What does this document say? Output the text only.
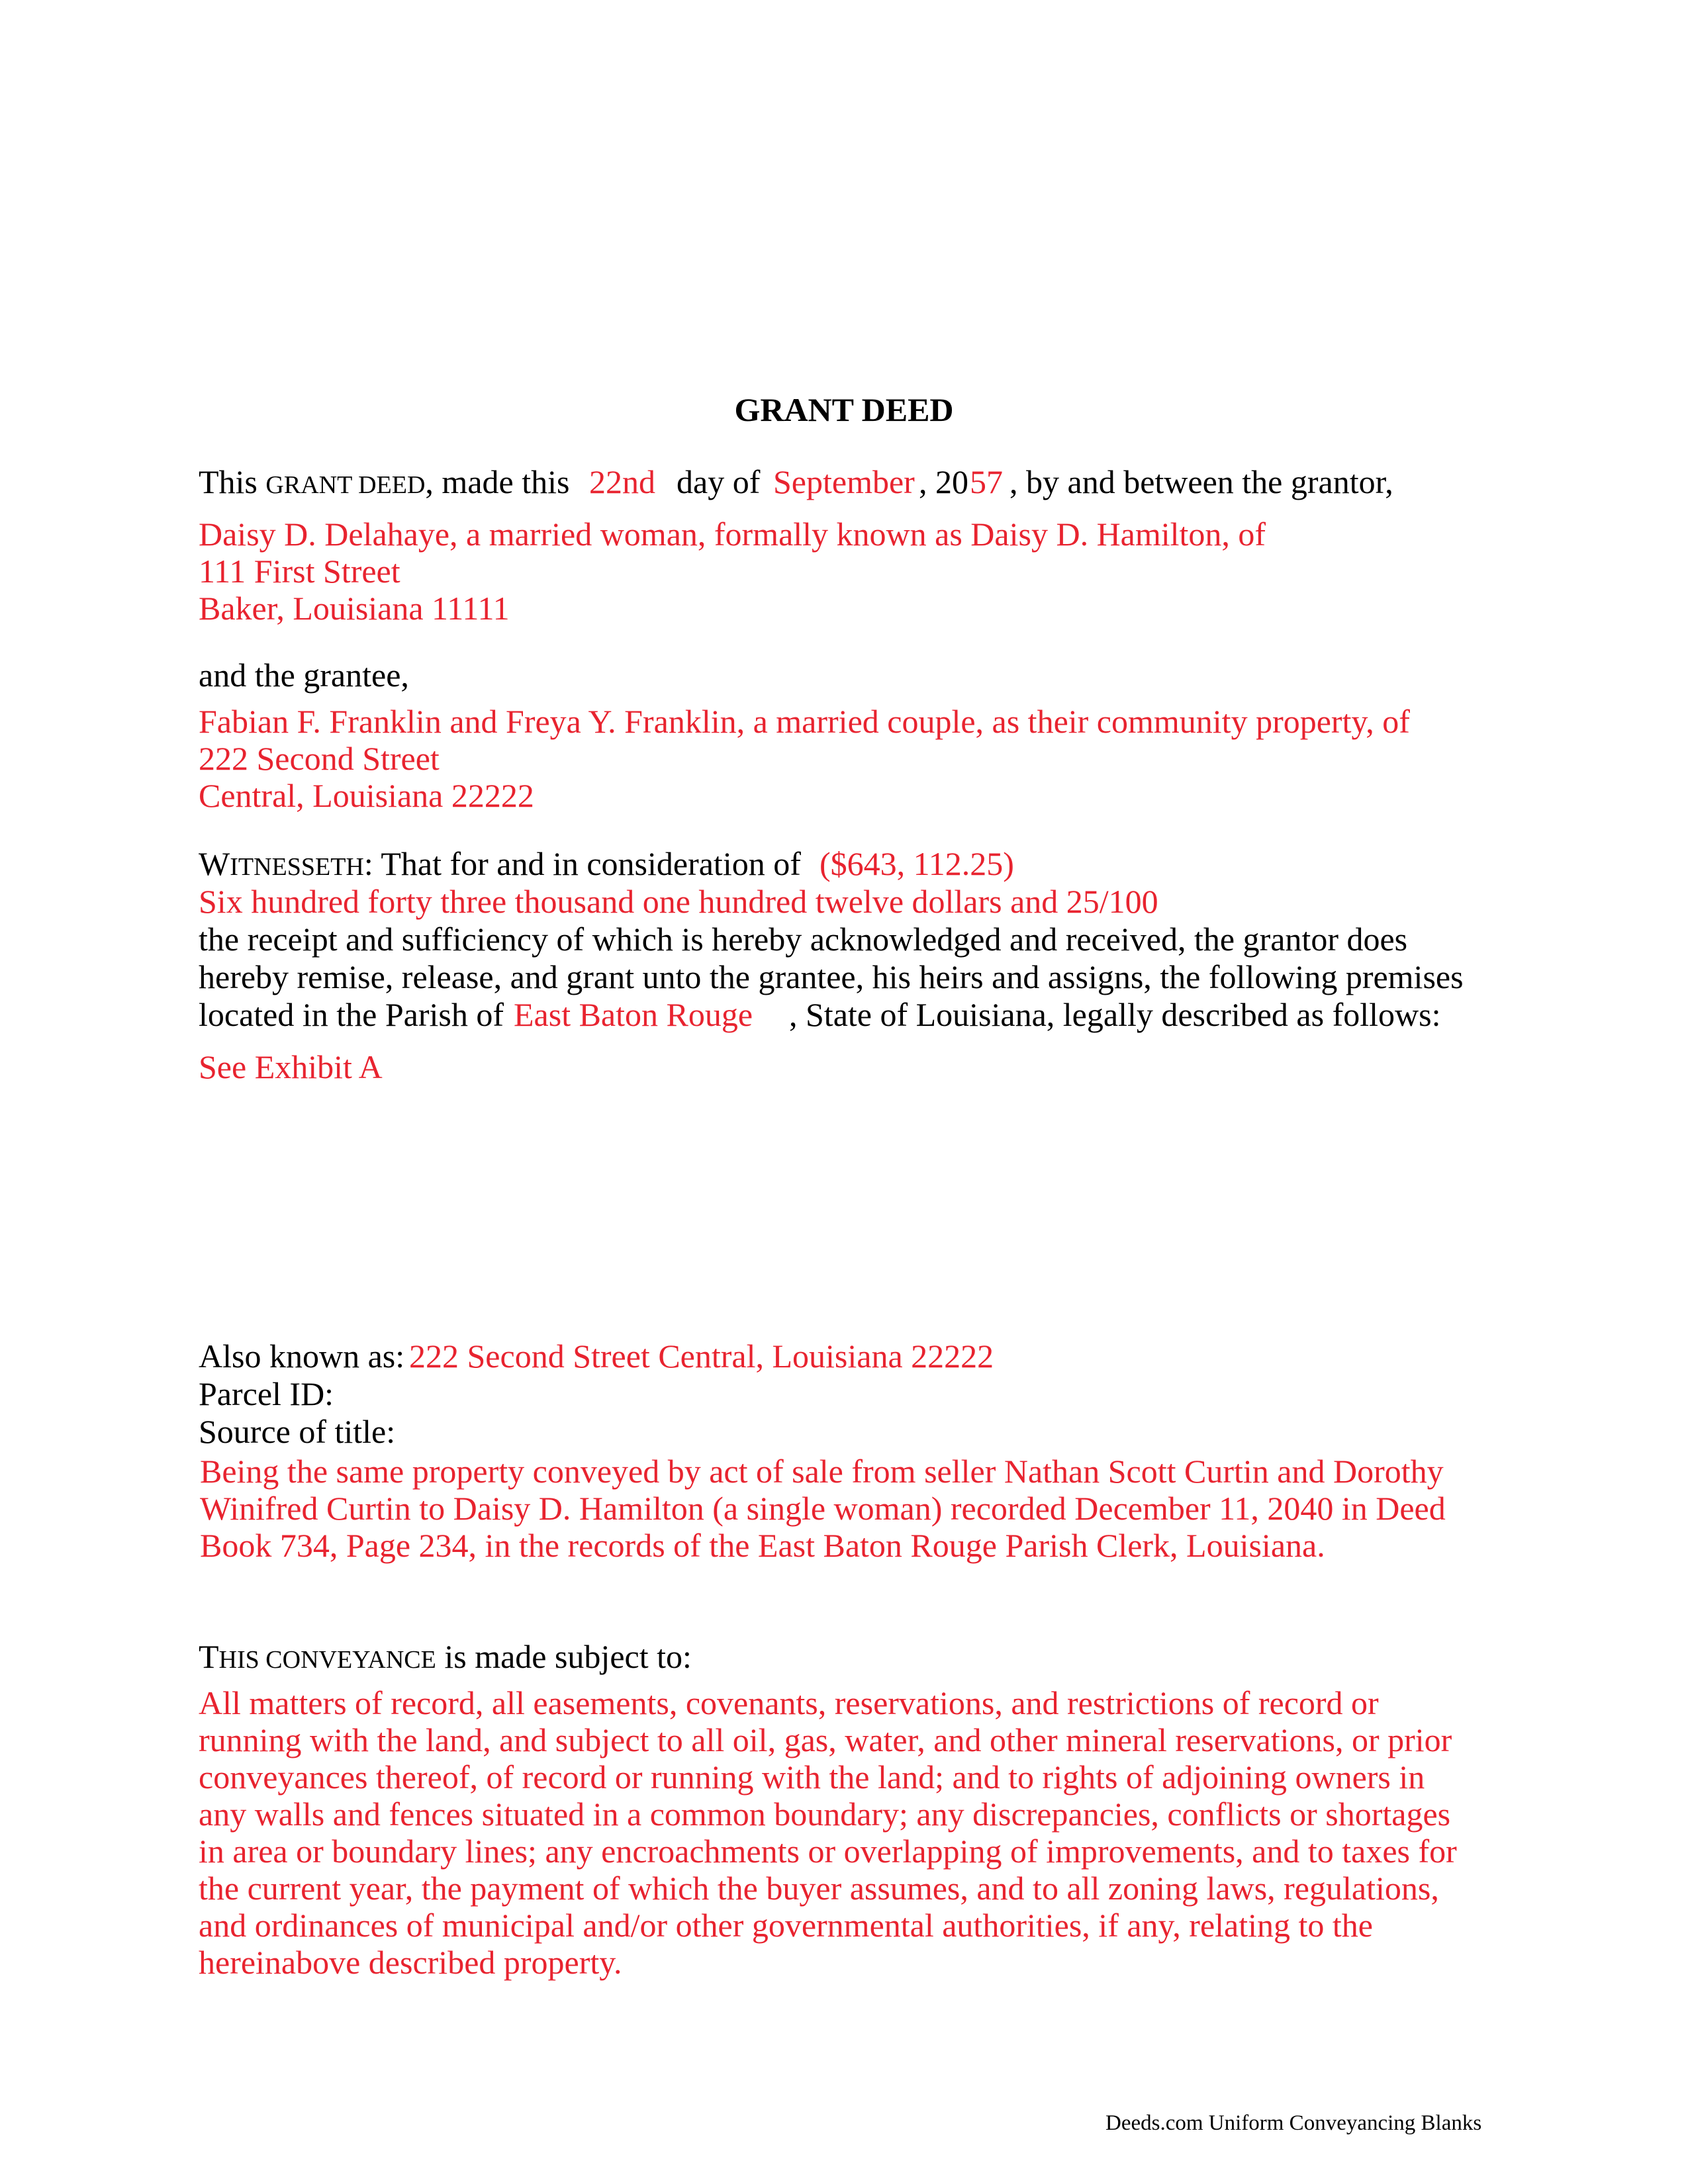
GRANT DEED
This GRANT DEED, made this 22nd day of September , 20 57 , by and between the grantor,
Daisy D. Delahaye, a married woman, formally known as Daisy D. Hamilton, of
111 First Street
Baker, Louisiana 11111
and the grantee,
Fabian F. Franklin and Freya Y. Franklin, a married couple, as their community property, of
222 Second Street
Central, Louisiana 22222
WITNESSETH: That for and in consideration of ($643, 112.25)
Six hundred forty three thousand one hundred twelve dollars and 25/100
the receipt and sufficiency of which is hereby acknowledged and received, the grantor does
hereby remise, release, and grant unto the grantee, his heirs and assigns, the following premises
located in the Parish of East Baton Rouge , State of Louisiana, legally described as follows:
See Exhibit A
Also known as: 222 Second Street Central, Louisiana 22222
Parcel ID:
Source of title:
Being the same property conveyed by act of sale from seller Nathan Scott Curtin and Dorothy
Winifred Curtin to Daisy D. Hamilton (a single woman) recorded December 11, 2040 in Deed
Book 734, Page 234, in the records of the East Baton Rouge Parish Clerk, Louisiana.
THIS CONVEYANCE is made subject to:
All matters of record, all easements, covenants, reservations, and restrictions of record or
running with the land, and subject to all oil, gas, water, and other mineral reservations, or prior
conveyances thereof, of record or running with the land; and to rights of adjoining owners in
any walls and fences situated in a common boundary; any discrepancies, conflicts or shortages
in area or boundary lines; any encroachments or overlapping of improvements, and to taxes for
the current year, the payment of which the buyer assumes, and to all zoning laws, regulations,
and ordinances of municipal and/or other governmental authorities, if any, relating to the
hereinabove described property.
Deeds.com Uniform Conveyancing Blanks
